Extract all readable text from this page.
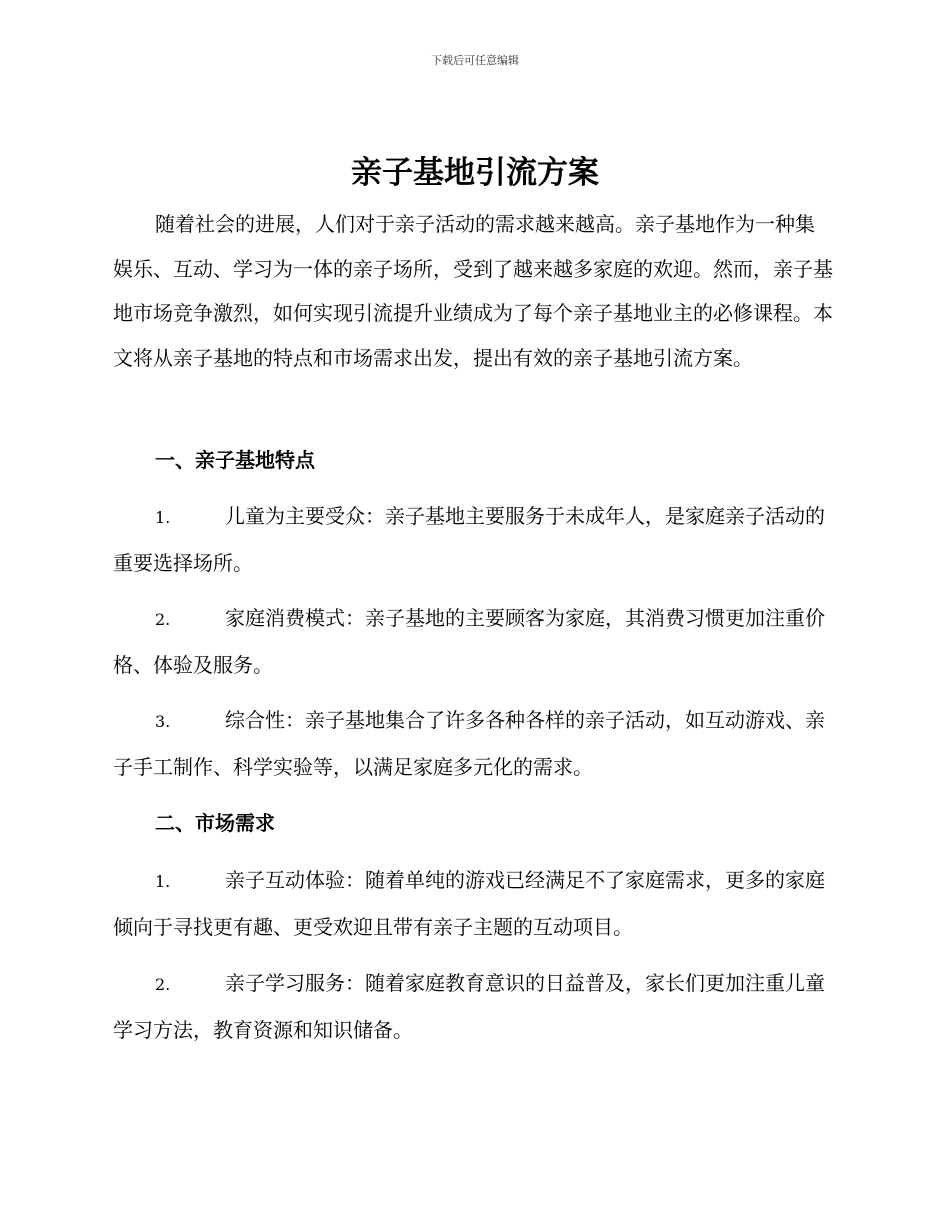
下载后可任意编辑
亲子基地引流方案

随着社会的进展，人们对于亲子活动的需求越来越高。亲子基地作为一种集娱乐、互动、学习为一体的亲子场所，受到了越来越多家庭的欢迎。然而，亲子基地市场竞争激烈，如何实现引流提升业绩成为了每个亲子基地业主的必修课程。本文将从亲子基地的特点和市场需求出发，提出有效的亲子基地引流方案。

一、亲子基地特点

1.	儿童为主要受众：亲子基地主要服务于未成年人，是家庭亲子活动的重要选择场所。

2.	家庭消费模式：亲子基地的主要顾客为家庭，其消费习惯更加注重价格、体验及服务。

3.	综合性：亲子基地集合了许多各种各样的亲子活动，如互动游戏、亲子手工制作、科学实验等，以满足家庭多元化的需求。

二、市场需求

1.	亲子互动体验：随着单纯的游戏已经满足不了家庭需求，更多的家庭倾向于寻找更有趣、更受欢迎且带有亲子主题的互动项目。

2.	亲子学习服务：随着家庭教育意识的日益普及，家长们更加注重儿童学习方法，教育资源和知识储备。
